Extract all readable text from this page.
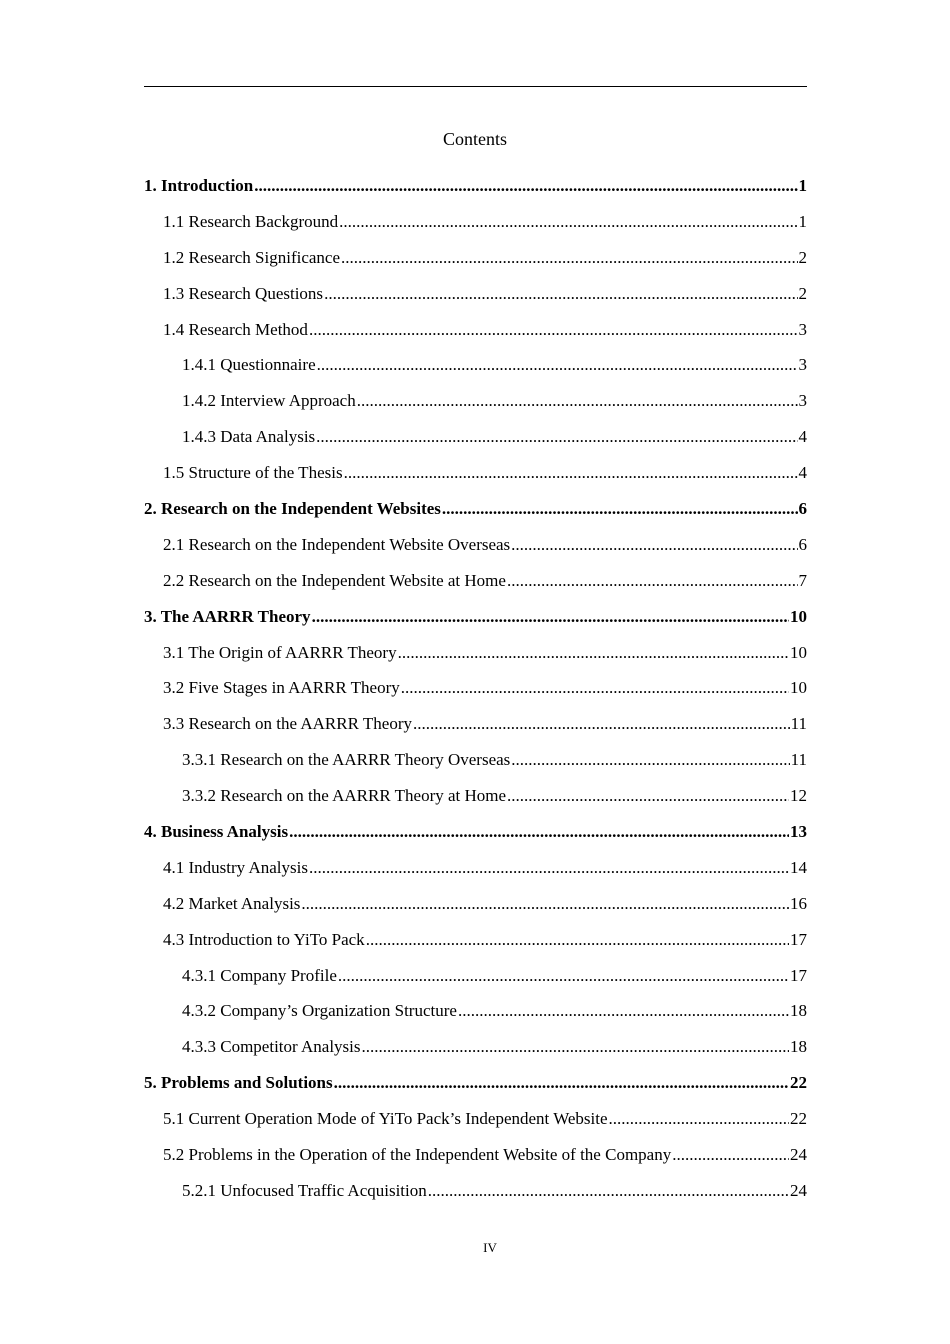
Contents
1. Introduction .....	1
1.1 Research Background .....	1
1.2 Research Significance .....	2
1.3 Research Questions .....	2
1.4 Research Method .....	3
1.4.1 Questionnaire .....	3
1.4.2 Interview Approach .....	3
1.4.3 Data Analysis .....	4
1.5 Structure of the Thesis .....	4
2. Research on the Independent Websites .....	6
2.1 Research on the Independent Website Overseas .....	6
2.2 Research on the Independent Website at Home .....	7
3. The AARRR Theory .....	10
3.1 The Origin of AARRR Theory .....	10
3.2 Five Stages in AARRR Theory .....	10
3.3 Research on the AARRR Theory .....	11
3.3.1 Research on the AARRR Theory Overseas .....	11
3.3.2 Research on the AARRR Theory at Home .....	12
4. Business Analysis .....	13
4.1 Industry Analysis .....	14
4.2 Market Analysis .....	16
4.3 Introduction to YiTo Pack .....	17
4.3.1 Company Profile .....	17
4.3.2 Company’s Organization Structure .....	18
4.3.3 Competitor Analysis .....	18
5. Problems and Solutions .....	22
5.1 Current Operation Mode of YiTo Pack’s Independent Website .....	22
5.2 Problems in the Operation of the Independent Website of the Company .....	24
5.2.1 Unfocused Traffic Acquisition .....	24
IV
